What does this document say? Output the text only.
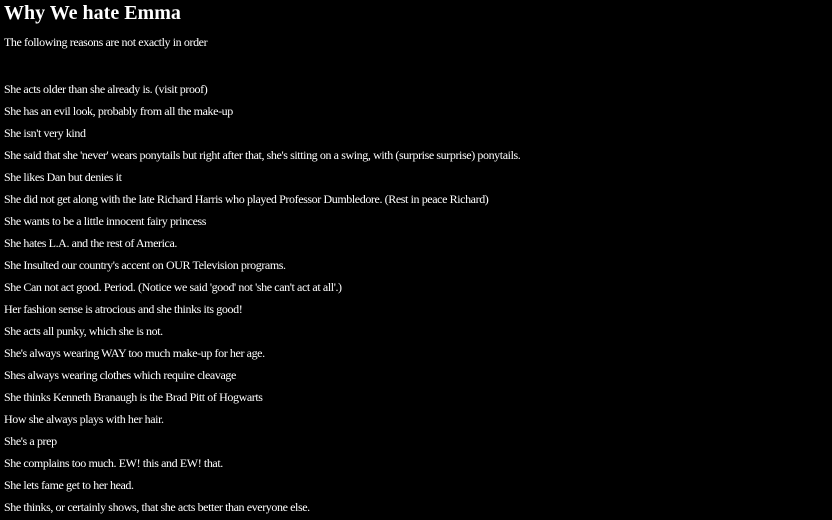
Why We hate Emma

The following reasons are not exactly in order

She acts older than she already is. (visit proof)

She has an evil look, probably from all the make-up

She isn't very kind

She said that she 'never' wears ponytails but right after that, she's sitting on a swing, with (surprise surprise) ponytails.

She likes Dan but denies it

She did not get along with the late Richard Harris who played Professor Dumbledore. (Rest in peace Richard)

She wants to be a little innocent fairy princess

She hates L.A. and the rest of America.

She Insulted our country's accent on OUR Television programs.

She Can not act good. Period. (Notice we said 'good' not 'she can't act at all'.)

Her fashion sense is atrocious and she thinks its good!

She acts all punky, which she is not.

She's always wearing WAY too much make-up for her age.

Shes always wearing clothes which require cleavage

She thinks Kenneth Branaugh is the Brad Pitt of Hogwarts

How she always plays with her hair.

She's a prep

She complains too much. EW! this and EW! that.

She lets fame get to her head.

She thinks, or certainly shows, that she acts better than everyone else.
